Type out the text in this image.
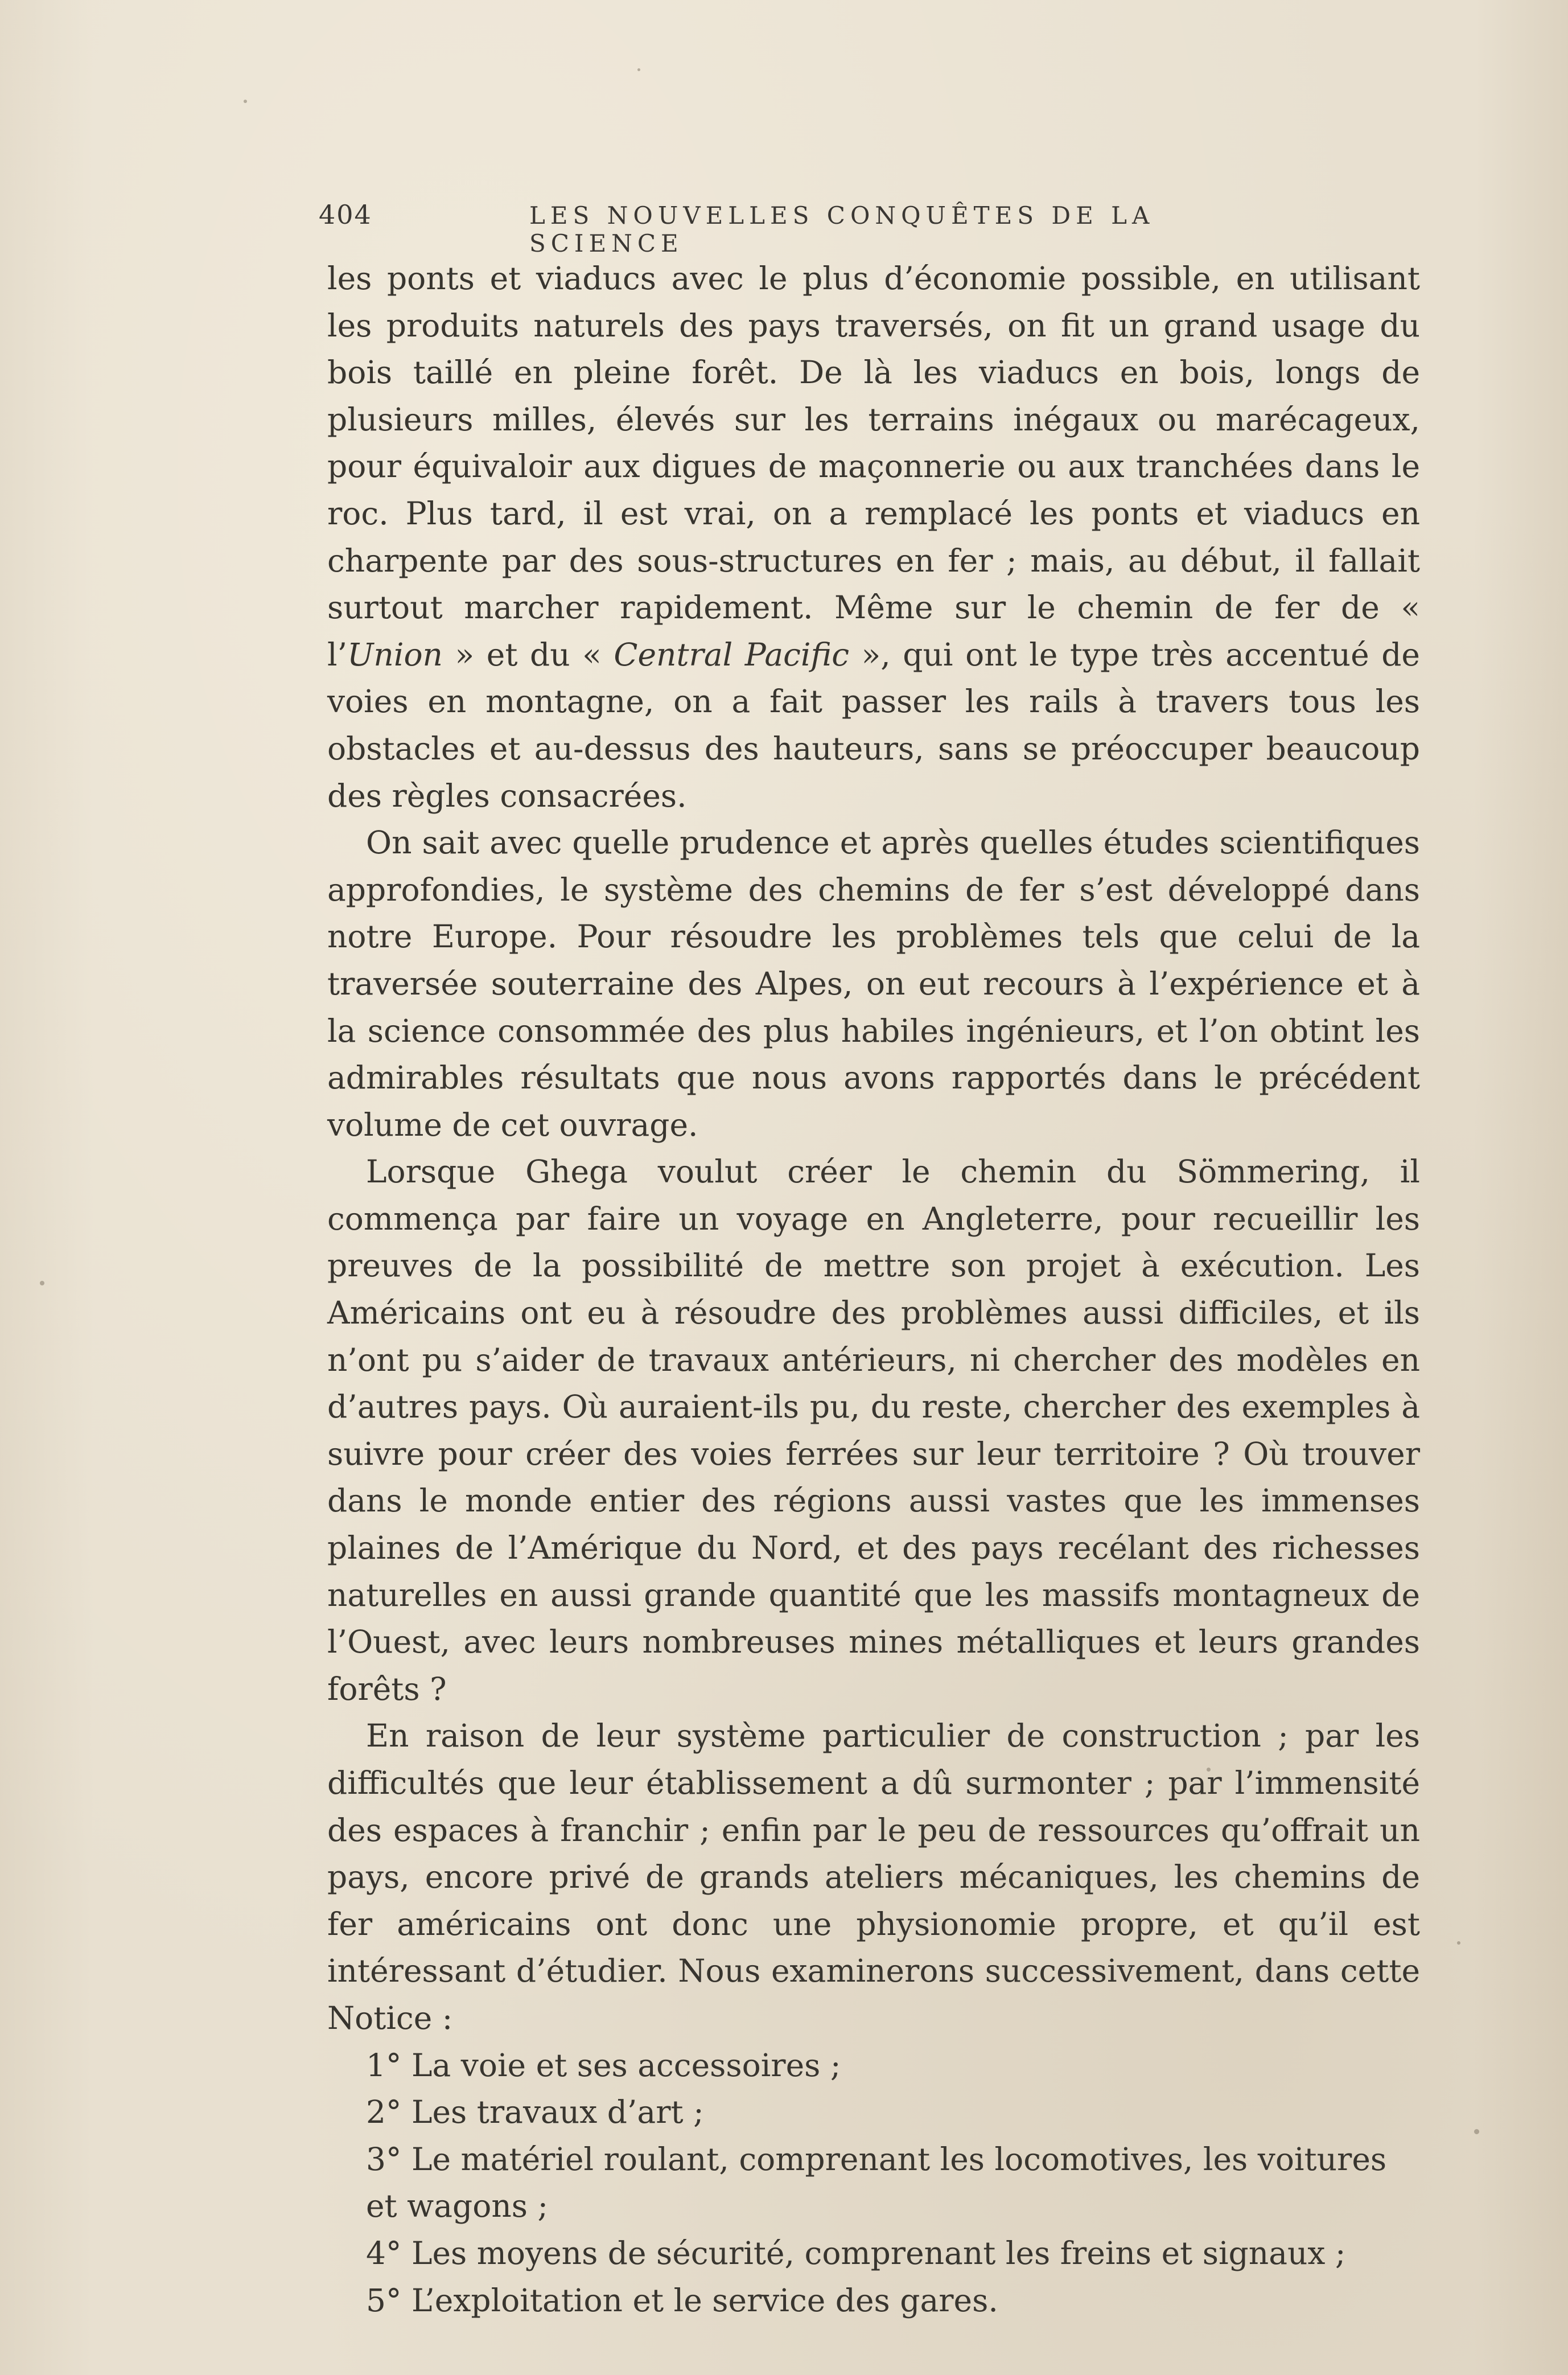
404	LES NOUVELLES CONQUÊTES DE LA SCIENCE

les ponts et viaducs avec le plus d’économie possible, en utilisant les produits naturels des pays traversés, on fit un grand usage du bois taillé en pleine forêt. De là les viaducs en bois, longs de plusieurs milles, élevés sur les terrains inégaux ou marécageux, pour équivaloir aux digues de maçonnerie ou aux tranchées dans le roc. Plus tard, il est vrai, on a remplacé les ponts et viaducs en charpente par des sous-structures en fer ; mais, au début, il fallait surtout marcher rapidement. Même sur le chemin de fer de « l’Union » et du « Central Pacific », qui ont le type très accentué de voies en montagne, on a fait passer les rails à travers tous les obstacles et au-dessus des hauteurs, sans se préoccuper beaucoup des règles consacrées.

On sait avec quelle prudence et après quelles études scientifiques approfondies, le système des chemins de fer s’est développé dans notre Europe. Pour résoudre les problèmes tels que celui de la traversée souterraine des Alpes, on eut recours à l’expérience et à la science consommée des plus habiles ingénieurs, et l’on obtint les admirables résultats que nous avons rapportés dans le précédent volume de cet ouvrage.

Lorsque Ghega voulut créer le chemin du Sömmering, il commença par faire un voyage en Angleterre, pour recueillir les preuves de la possibilité de mettre son projet à exécution. Les Américains ont eu à résoudre des problèmes aussi difficiles, et ils n’ont pu s’aider de travaux antérieurs, ni chercher des modèles en d’autres pays. Où auraient-ils pu, du reste, chercher des exemples à suivre pour créer des voies ferrées sur leur territoire ? Où trouver dans le monde entier des régions aussi vastes que les immenses plaines de l’Amérique du Nord, et des pays recélant des richesses naturelles en aussi grande quantité que les massifs montagneux de l’Ouest, avec leurs nombreuses mines métalliques et leurs grandes forêts ?

En raison de leur système particulier de construction ; par les difficultés que leur établissement a dû surmonter ; par l’immensité des espaces à franchir ; enfin par le peu de ressources qu’offrait un pays, encore privé de grands ateliers mécaniques, les chemins de fer américains ont donc une physionomie propre, et qu’il est intéressant d’étudier. Nous examinerons successivement, dans cette Notice :

1° La voie et ses accessoires ;
2° Les travaux d’art ;
3° Le matériel roulant, comprenant les locomotives, les voitures et wagons ;
4° Les moyens de sécurité, comprenant les freins et signaux ;
5° L’exploitation et le service des gares.
